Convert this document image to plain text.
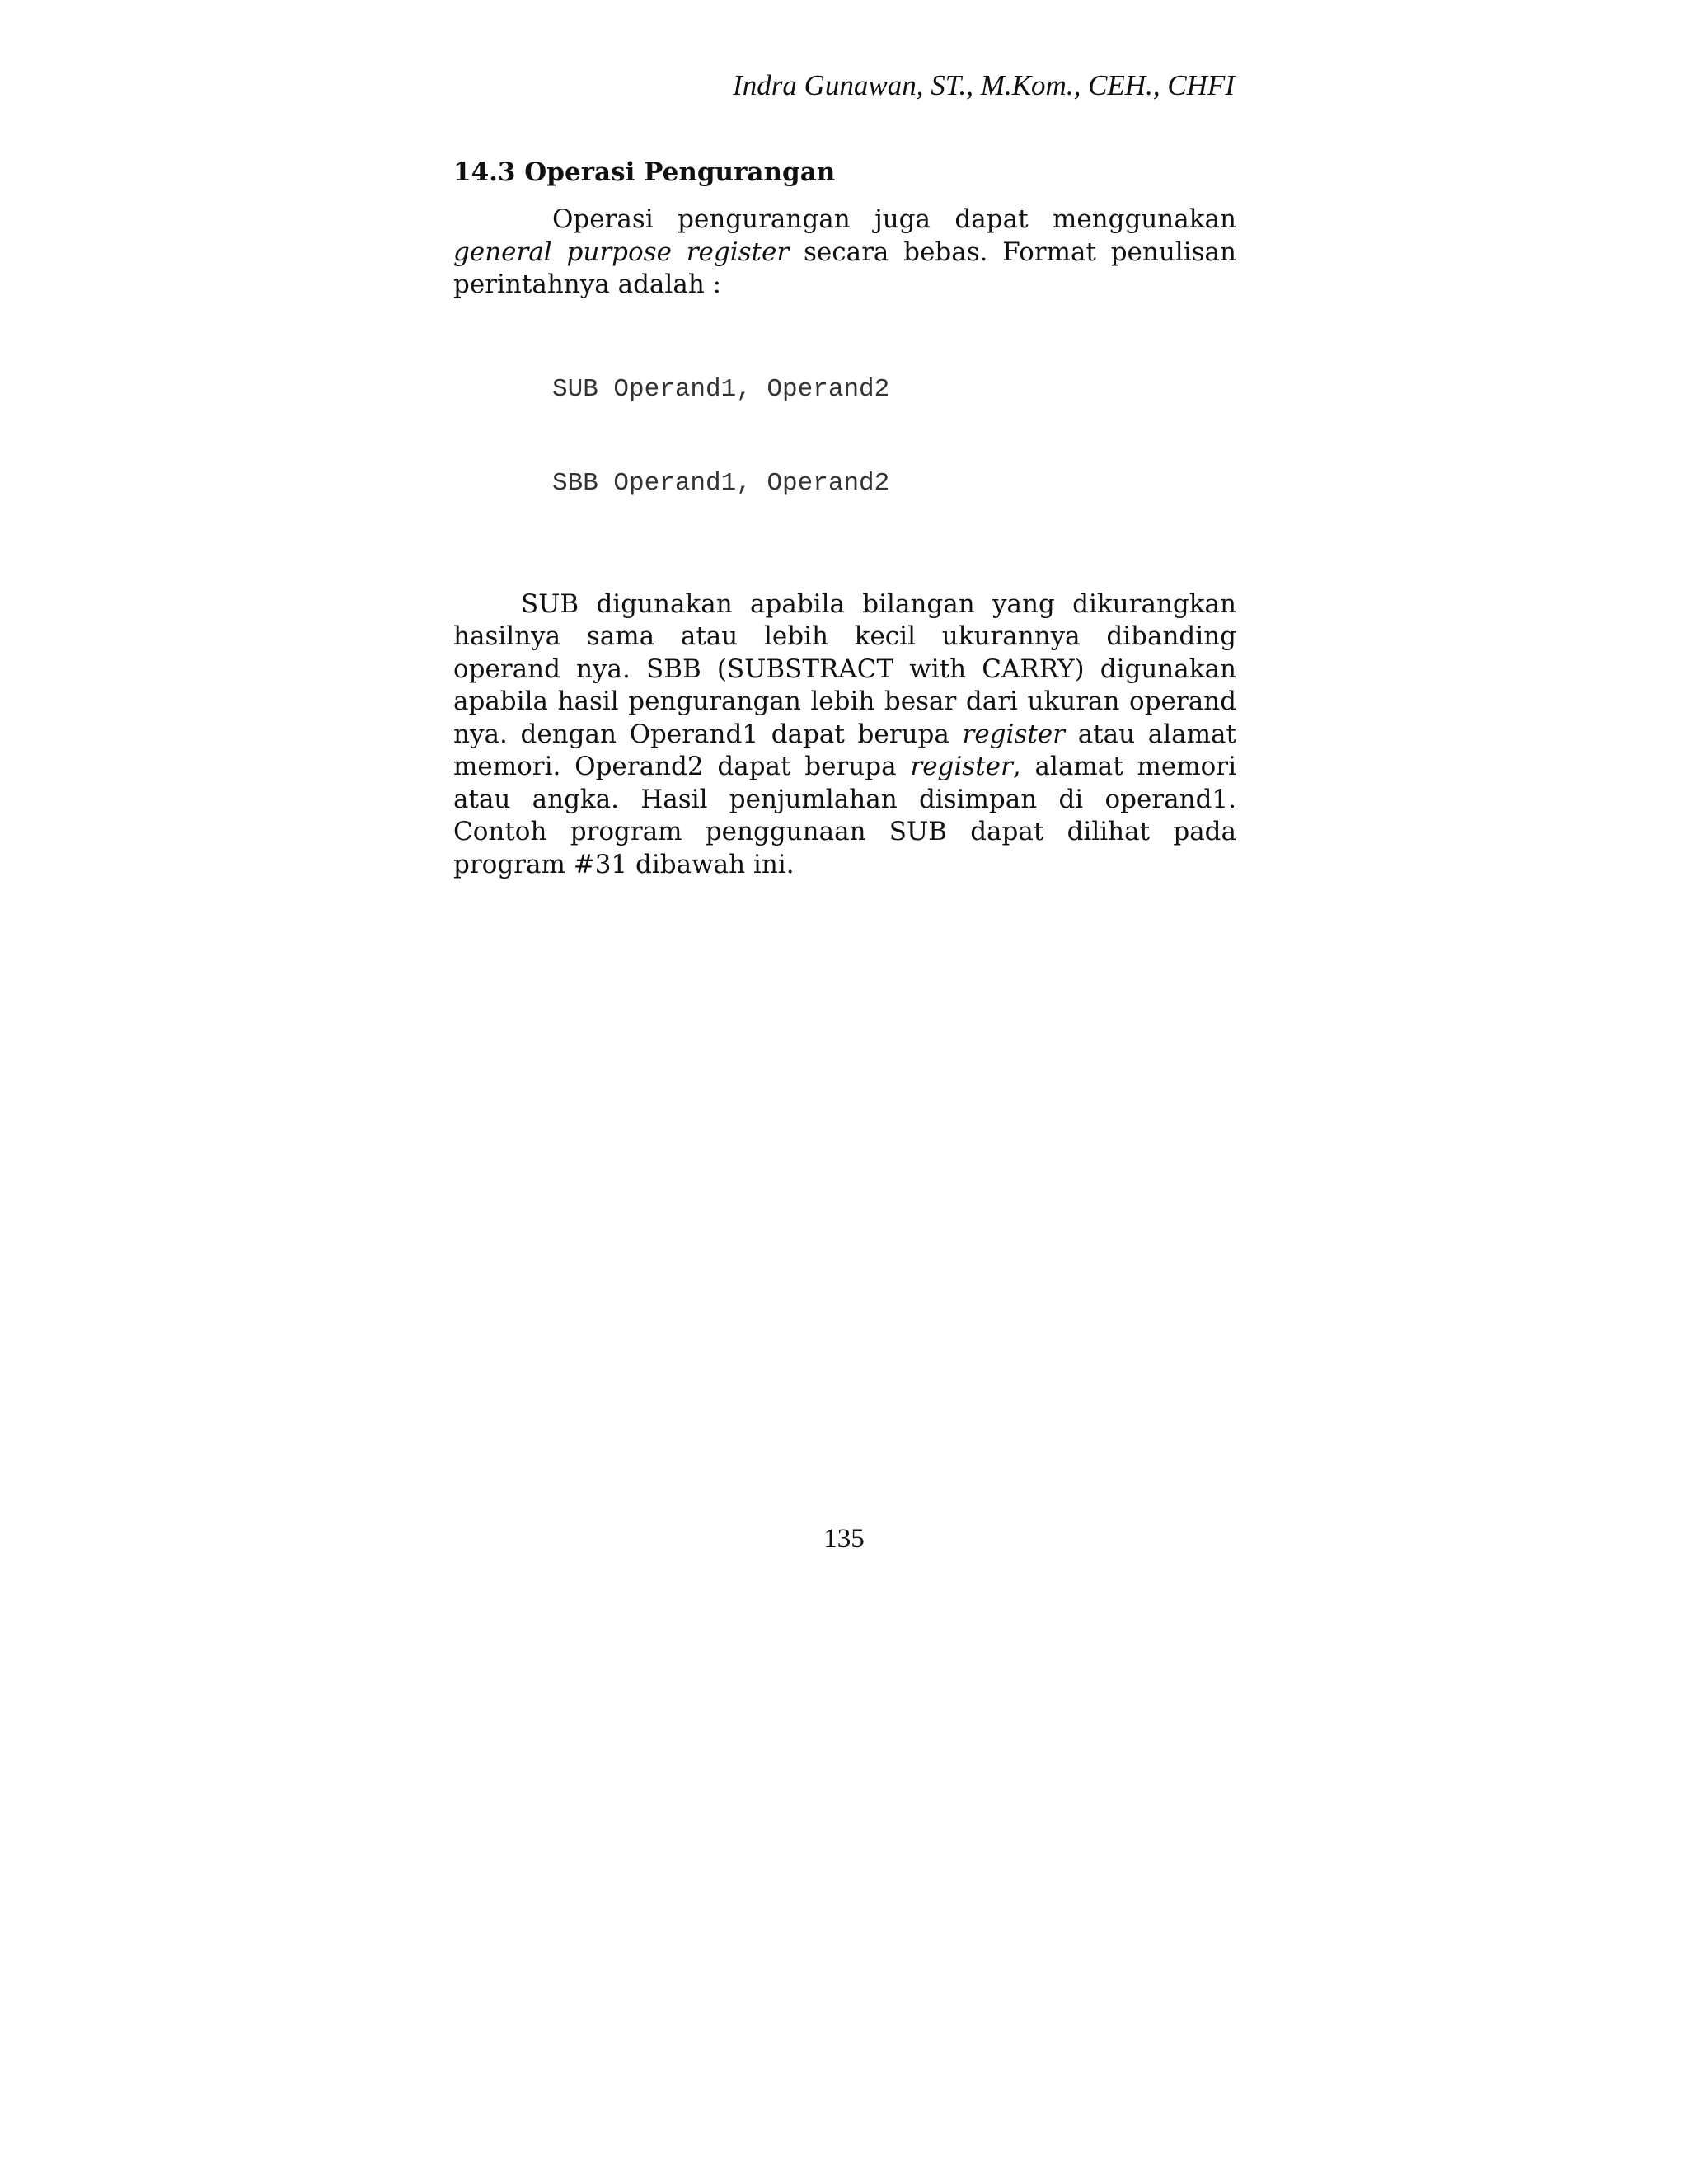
Indra Gunawan, ST., M.Kom., CEH., CHFI
14.3 Operasi Pengurangan

Operasi pengurangan juga dapat menggunakan general purpose register secara bebas. Format penulisan perintahnya adalah :

SUB Operand1, Operand2

SBB Operand1, Operand2

SUB digunakan apabila bilangan yang dikurangkan hasilnya sama atau lebih kecil ukurannya dibanding operand nya. SBB (SUBSTRACT with CARRY) digunakan apabila hasil pengurangan lebih besar dari ukuran operand nya. dengan Operand1 dapat berupa register atau alamat memori. Operand2 dapat berupa register, alamat memori atau angka. Hasil penjumlahan disimpan di operand1. Contoh program penggunaan SUB dapat dilihat pada program #31 dibawah ini.

135
